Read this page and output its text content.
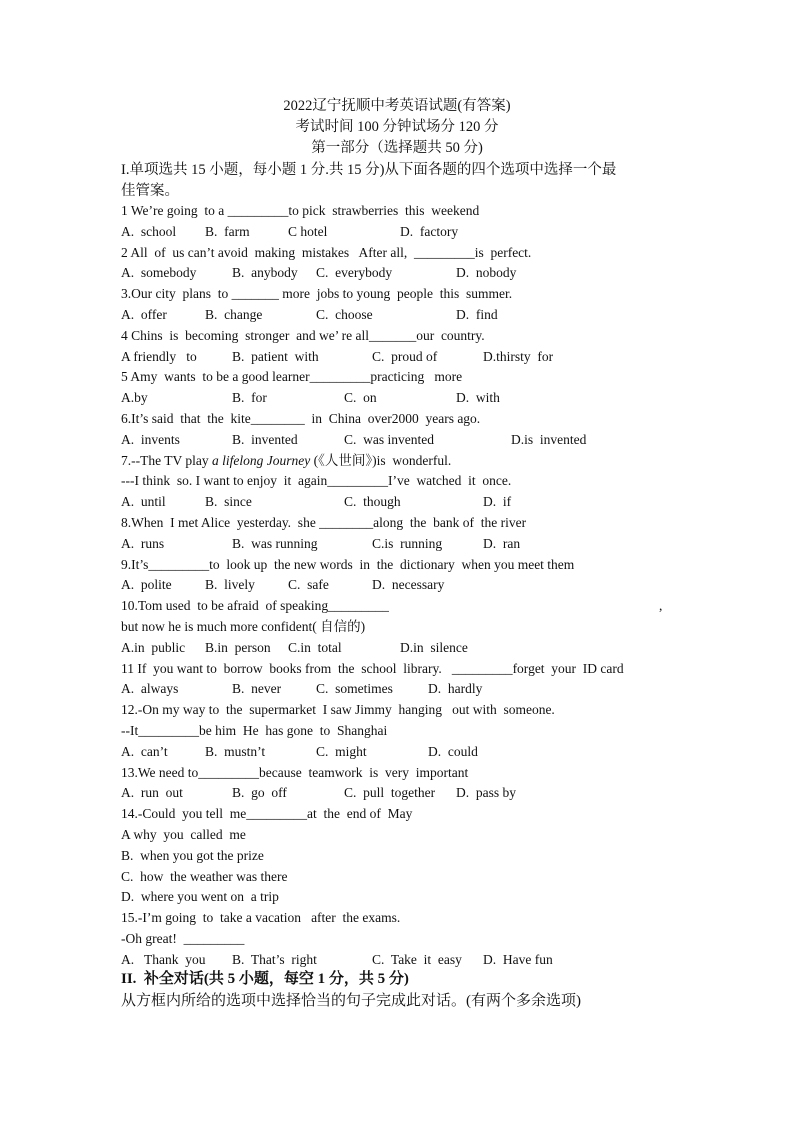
2022辽宁抚顺中考英语试题(有答案)
考试时间 100 分钟试场分 120 分
第一部分（选择题共 50 分)
I.单项选共 15 小题，每小题 1 分.共 15 分)从下面各题的四个选项中选择一个最
佳管案。
1 We’re going  to a _________to pick  strawberries  this  weekend
A.  school B.  farm	C hotel	D.  factory
2 All  of  us can’t avoid  making  mistakes   After all,  _________is  perfect.
A.  somebody	B.  anybody C.  everybody	D.  nobody
3.Our city  plans  to _______ more  jobs to young  people  this  summer.
A.  offer	B.  change	C.  choose	D.  find
4 Chins  is  becoming  stronger  and we’ re all_______our  country.
A friendly   to	B.  patient  with	C.  proud of	D.thirsty  for
5 Amy  wants  to be a good learner_________practicing   more
A.by	B.  for	C.  on	D.  with
6.It’s said  that  the  kite________  in  China  over2000  years ago.
A.  invents	B.  invented	C.  was invented	D.is  invented
7.--The TV play a lifelong Journey (《人世间》)is  wonderful.
---I think  so. I want to enjoy  it  again_________I’ve  watched  it  once.
A.  until	B.  since	C.  though	D.  if
8.When  I met Alice  yesterday.  she ________along  the  bank of  the river
A.  runs	B.  was running	C.is  running	D.  ran
9.It’s_________to  look up  the new words  in  the  dictionary  when you meet them
A.  polite B.  lively C.  safe	D.  necessary
10.Tom used  to be afraid  of speaking_________	,
but now he is much more confident( 自信的)
A.in  public B.in  person C.in  total	D.in  silence
11 If  you want to  borrow  books from  the  school  library.   _________forget  your  ID card
A.  always	B.  never	C.  sometimes	D.  hardly
12.-On my way to  the  supermarket  I saw Jimmy  hanging   out with  someone.
--It_________be him  He  has gone  to  Shanghai
A.  can’t	B.  mustn’t	C.  might	D.  could
13.We need to_________because  teamwork  is  very  important
A.  run  out	B.  go  off	C.  pull  together D.  pass by
14.-Could  you tell  me_________at  the  end of  May
A why  you  called  me
B.  when you got the prize
C.  how  the weather was there
D.  where you went on  a trip
15.-I’m going  to  take a vacation   after  the exams.
-Oh great!  _________
A.   Thank  you B.  That’s  right	C.  Take  it  easy D.  Have fun
II.  补全对话(共 5 小题，每空 1 分，共 5 分)
从方框内所给的选项中选择恰当的句子完成此对话。(有两个多余选项)
